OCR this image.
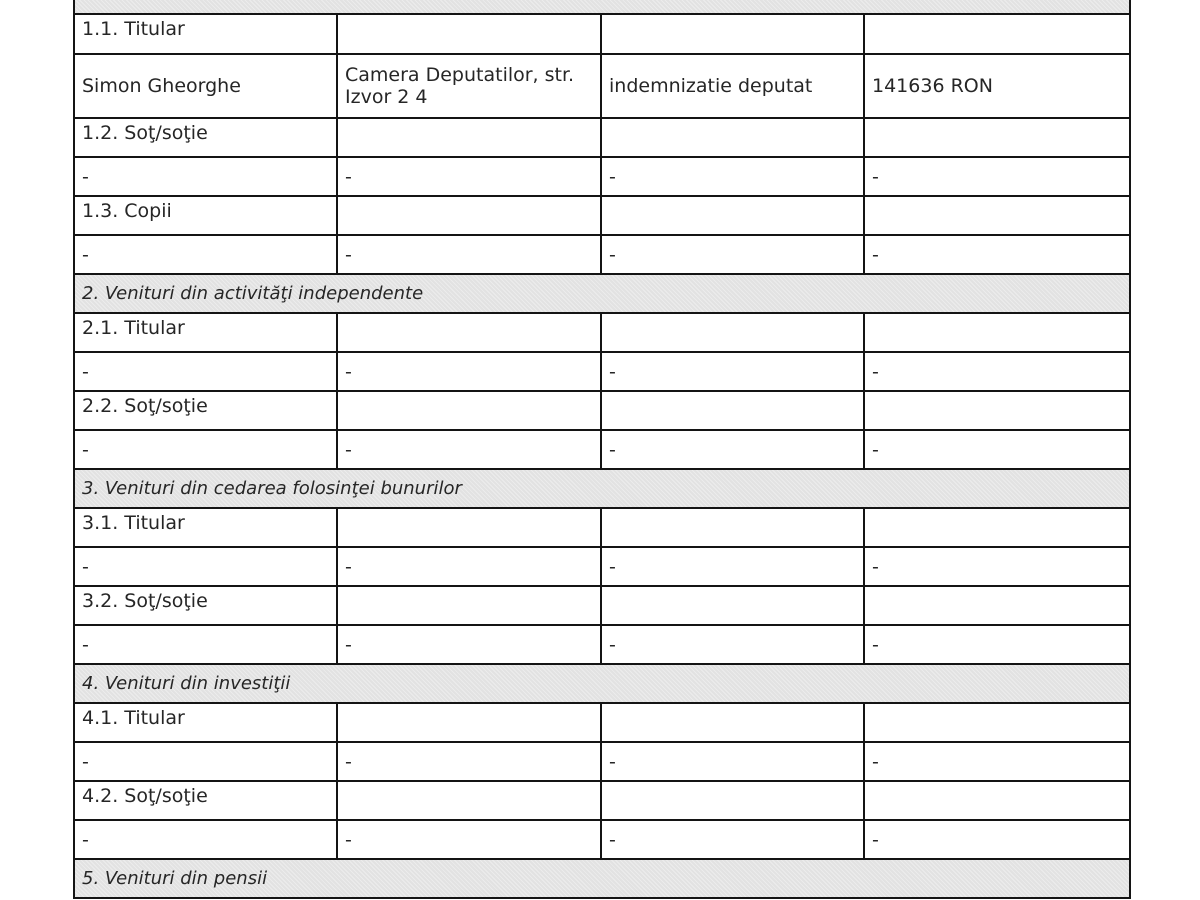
1.1. Titular			
Simon Gheorghe	Camera Deputatilor, str. Izvor 2 4	indemnizatie deputat	141636 RON
1.2. Soţ/soţie			
-	-	-	-
1.3. Copii			
-	-	-	-
2. Venituri din activităţi independente			
2.1. Titular			
-	-	-	-
2.2. Soţ/soţie			
-	-	-	-
3. Venituri din cedarea folosinţei bunurilor			
3.1. Titular			
-	-	-	-
3.2. Soţ/soţie			
-	-	-	-
4. Venituri din investiţii			
4.1. Titular			
-	-	-	-
4.2. Soţ/soţie			
-	-	-	-
5. Venituri din pensii			
